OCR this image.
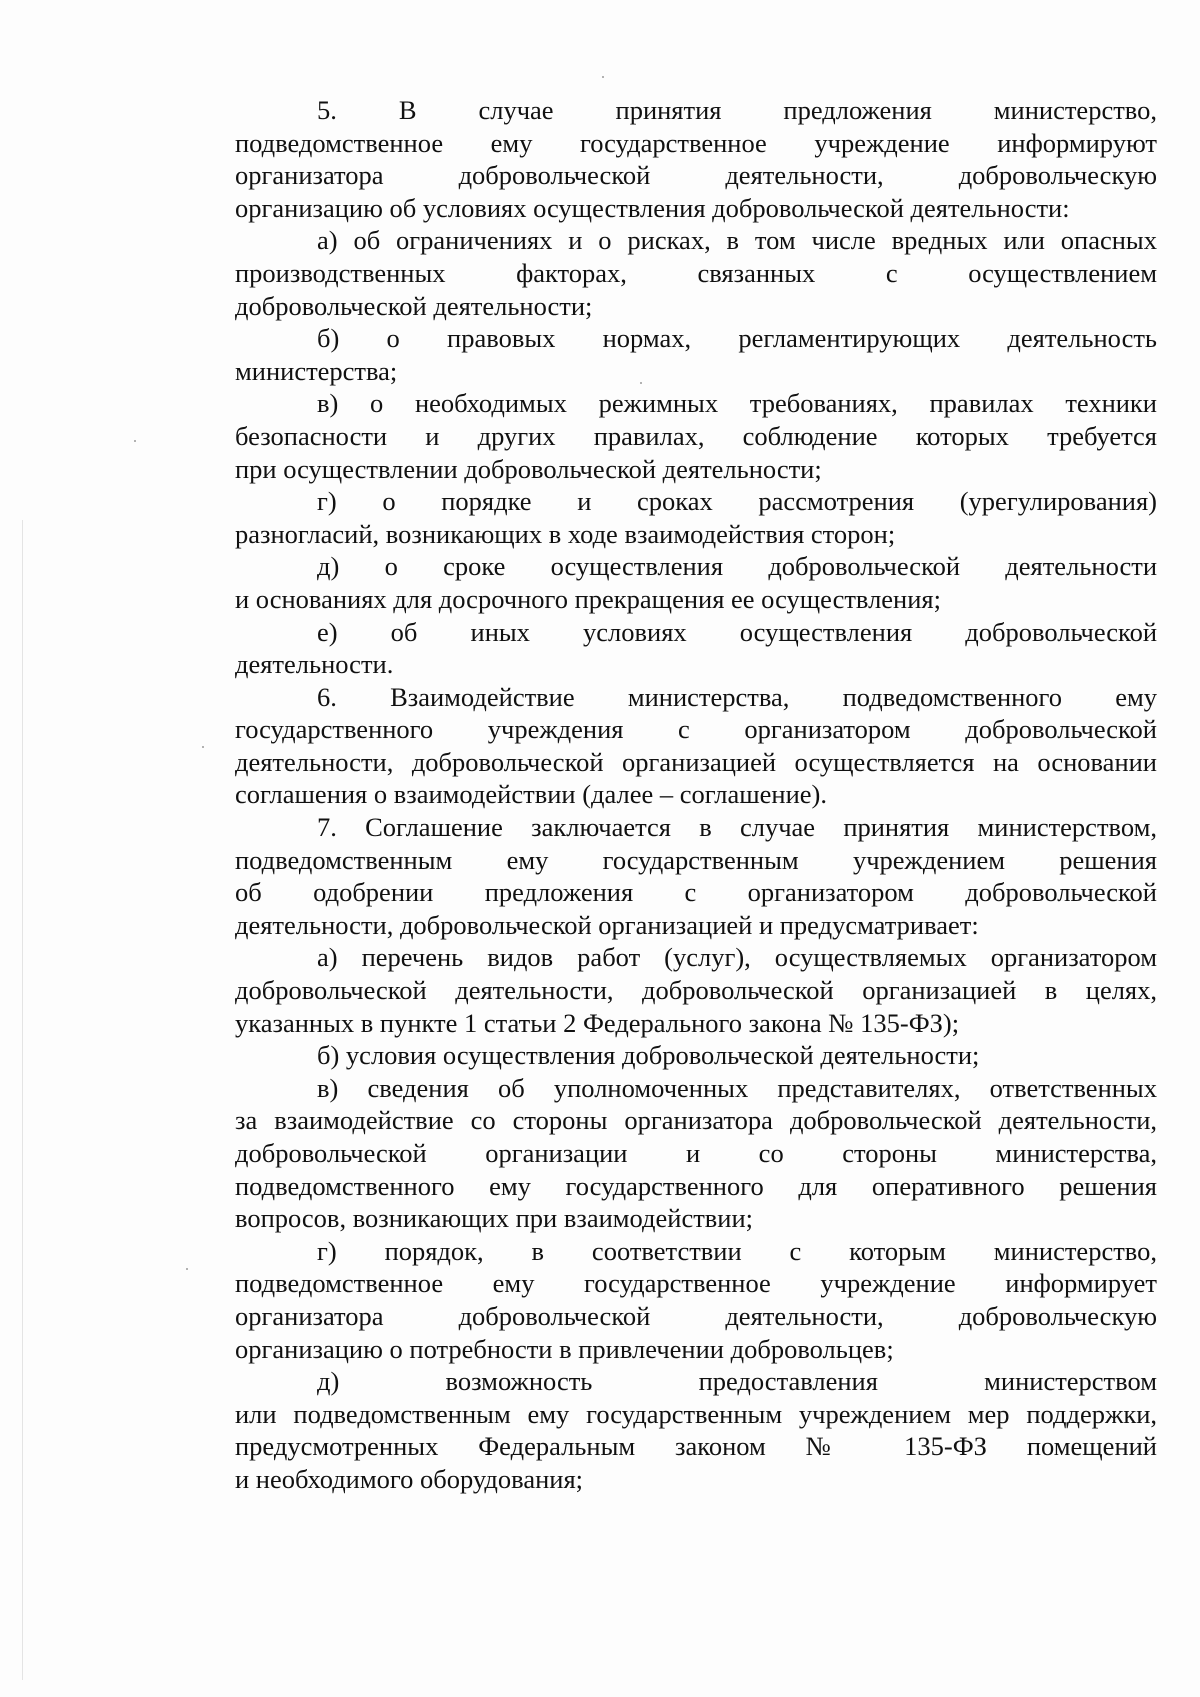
5. В случае принятия предложения министерство,
подведомственное ему государственное учреждение информируют
организатора добровольческой деятельности, добровольческую
организацию об условиях осуществления добровольческой деятельности:
а) об ограничениях и о рисках, в том числе вредных или опасных
производственных факторах, связанных с осуществлением
добровольческой деятельности;
б) о правовых нормах, регламентирующих деятельность
министерства;
в) о необходимых режимных требованиях, правилах техники
безопасности и других правилах, соблюдение которых требуется
при осуществлении добровольческой деятельности;
г) о порядке и сроках рассмотрения (урегулирования)
разногласий, возникающих в ходе взаимодействия сторон;
д) о сроке осуществления добровольческой деятельности
и основаниях для досрочного прекращения ее осуществления;
е) об иных условиях осуществления добровольческой
деятельности.
6. Взаимодействие министерства, подведомственного ему
государственного учреждения с организатором добровольческой
деятельности, добровольческой организацией осуществляется на основании
соглашения о взаимодействии (далее – соглашение).
7. Соглашение заключается в случае принятия министерством,
подведомственным ему государственным учреждением решения
об одобрении предложения с организатором добровольческой
деятельности, добровольческой организацией и предусматривает:
а) перечень видов работ (услуг), осуществляемых организатором
добровольческой деятельности, добровольческой организацией в целях,
указанных в пункте 1 статьи 2 Федерального закона № 135-ФЗ);
б) условия осуществления добровольческой деятельности;
в) сведения об уполномоченных представителях, ответственных
за взаимодействие со стороны организатора добровольческой деятельности,
добровольческой организации и со стороны министерства,
подведомственного ему государственного для оперативного решения
вопросов, возникающих при взаимодействии;
г) порядок, в соответствии с которым министерство,
подведомственное ему государственное учреждение информирует
организатора добровольческой деятельности, добровольческую
организацию о потребности в привлечении добровольцев;
д) возможность предоставления министерством
или подведомственным ему государственным учреждением мер поддержки,
предусмотренных Федеральным законом № 135-ФЗ помещений
и необходимого оборудования;
